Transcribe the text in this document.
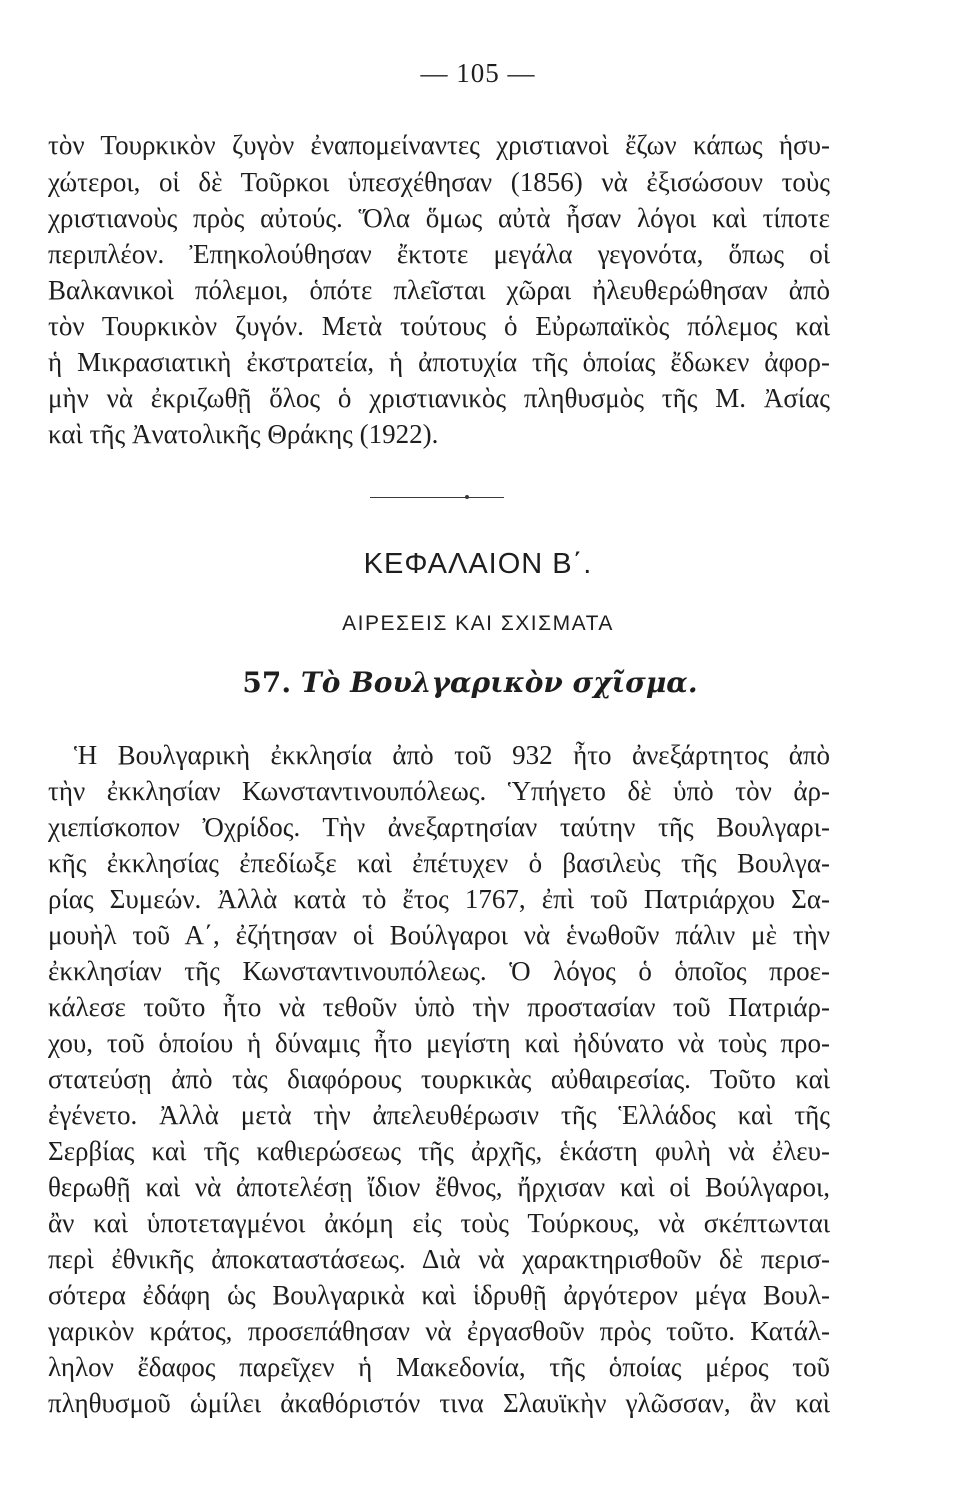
— 105 —
τὸν Τουρκικὸν ζυγὸν ἐναπομείναντες χριστιανοὶ ἔζων κάπως ἡσυ-
χώτεροι, οἱ δὲ Τοῦρκοι ὑπεσχέθησαν (1856) νὰ ἐξισώσουν τοὺς
χριστιανοὺς πρὸς αὐτούς. Ὅλα ὅμως αὐτὰ ἦσαν λόγοι καὶ τίποτε
περιπλέον. Ἐπηκολούθησαν ἔκτοτε μεγάλα γεγονότα, ὅπως οἱ
Βαλκανικοὶ πόλεμοι, ὁπότε πλεῖσται χῶραι ἠλευθερώθησαν ἀπὸ
τὸν Τουρκικὸν ζυγόν. Μετὰ τούτους ὁ Εὐρωπαϊκὸς πόλεμος καὶ
ἡ Μικρασιατικὴ ἐκστρατεία, ἡ ἀποτυχία τῆς ὁποίας ἔδωκεν ἀφορ-
μὴν νὰ ἐκριζωθῇ ὅλος ὁ χριστιανικὸς πληθυσμὸς τῆς Μ. Ἀσίας
καὶ τῆς Ἀνατολικῆς Θράκης (1922).
ΚΕΦΑΛΑΙΟΝ Β΄.
ΑΙΡΕΣΕΙΣ ΚΑΙ ΣΧΙΣΜΑΤΑ
57. Τὸ Βουλγαρικὸν σχῖσμα.
Ἡ Βουλγαρικὴ ἐκκλησία ἀπὸ τοῦ 932 ἦτο ἀνεξάρτητος ἀπὸ
τὴν ἐκκλησίαν Κωνσταντινουπόλεως. Ὑπήγετο δὲ ὑπὸ τὸν ἀρ-
χιεπίσκοπον Ὀχρίδος. Τὴν ἀνεξαρτησίαν ταύτην τῆς Βουλγαρι-
κῆς ἐκκλησίας ἐπεδίωξε καὶ ἐπέτυχεν ὁ βασιλεὺς τῆς Βουλγα-
ρίας Συμεών. Ἀλλὰ κατὰ τὸ ἔτος 1767, ἐπὶ τοῦ Πατριάρχου Σα-
μουὴλ τοῦ Α΄, ἐζήτησαν οἱ Βούλγαροι νὰ ἑνωθοῦν πάλιν μὲ τὴν
ἐκκλησίαν τῆς Κωνσταντινουπόλεως. Ὁ λόγος ὁ ὁποῖος προε-
κάλεσε τοῦτο ἦτο νὰ τεθοῦν ὑπὸ τὴν προστασίαν τοῦ Πατριάρ-
χου, τοῦ ὁποίου ἡ δύναμις ἦτο μεγίστη καὶ ἠδύνατο νὰ τοὺς προ-
στατεύσῃ ἀπὸ τὰς διαφόρους τουρκικὰς αὐθαιρεσίας. Τοῦτο καὶ
ἐγένετο. Ἀλλὰ μετὰ τὴν ἀπελευθέρωσιν τῆς Ἑλλάδος καὶ τῆς
Σερβίας καὶ τῆς καθιερώσεως τῆς ἀρχῆς, ἑκάστη φυλὴ νὰ ἐλευ-
θερωθῇ καὶ νὰ ἀποτελέσῃ ἴδιον ἔθνος, ἤρχισαν καὶ οἱ Βούλγαροι,
ἂν καὶ ὑποτεταγμένοι ἀκόμη εἰς τοὺς Τούρκους, νὰ σκέπτωνται
περὶ ἐθνικῆς ἀποκαταστάσεως. Διὰ νὰ χαρακτηρισθοῦν δὲ περισ-
σότερα ἐδάφη ὡς Βουλγαρικὰ καὶ ἱδρυθῇ ἀργότερον μέγα Βουλ-
γαρικὸν κράτος, προσεπάθησαν νὰ ἐργασθοῦν πρὸς τοῦτο. Κατάλ-
ληλον ἔδαφος παρεῖχεν ἡ Μακεδονία, τῆς ὁποίας μέρος τοῦ
πληθυσμοῦ ὡμίλει ἀκαθόριστόν τινα Σλαυϊκὴν γλῶσσαν, ἂν καὶ
